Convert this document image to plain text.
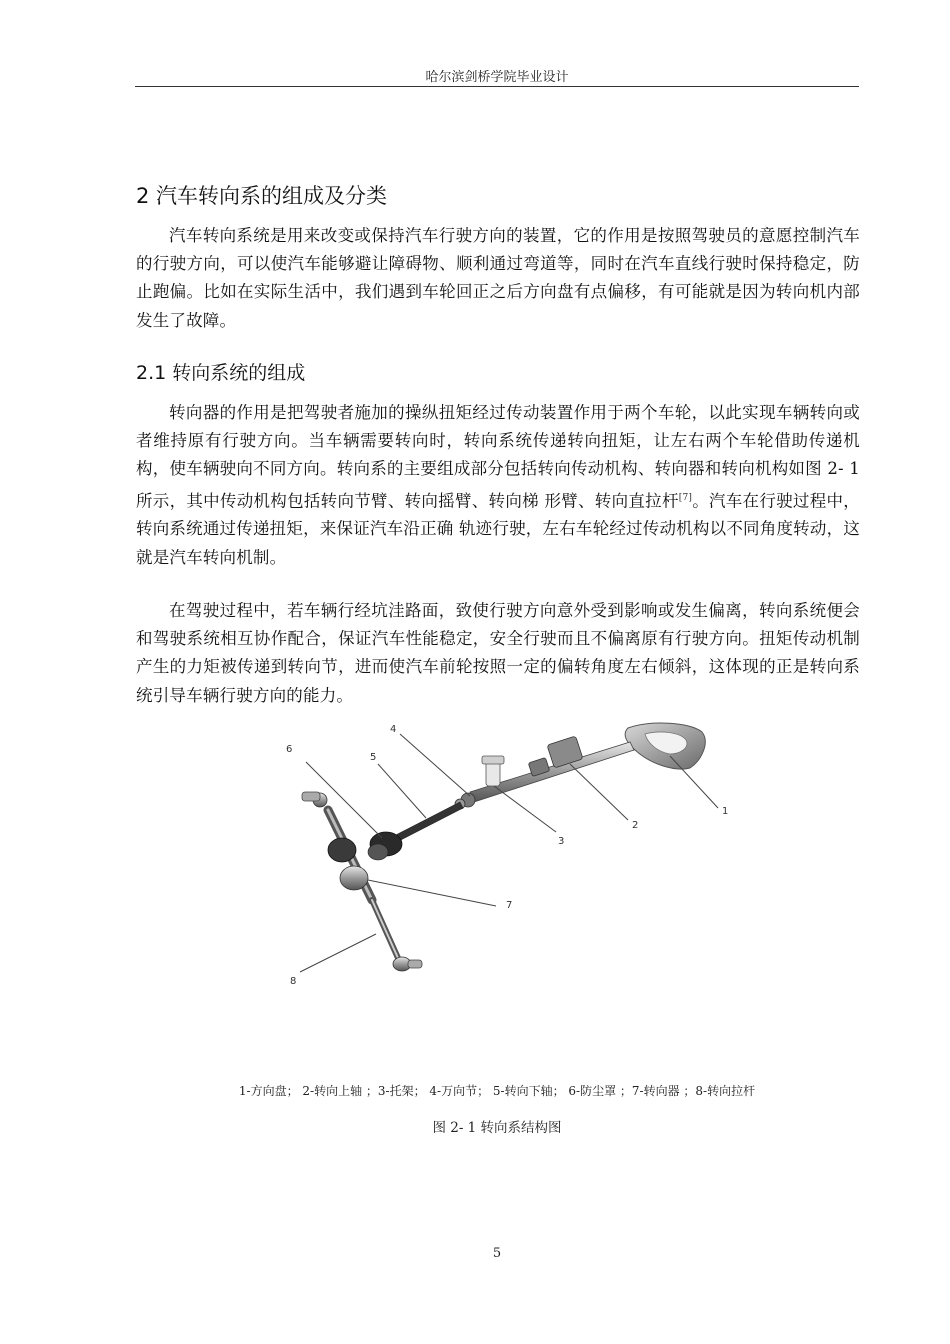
哈尔滨剑桥学院毕业设计
2 汽车转向系的组成及分类

汽车转向系统是用来改变或保持汽车行驶方向的装置，它的作用是按照驾驶员的意愿控制汽车的行驶方向，可以使汽车能够避让障碍物、顺利通过弯道等，同时在汽车直线行驶时保持稳定，防止跑偏。比如在实际生活中，我们遇到车轮回正之后方向盘有点偏移，有可能就是因为转向机内部发生了故障。

2.1 转向系统的组成

转向器的作用是把驾驶者施加的操纵扭矩经过传动装置作用于两个车轮，以此实现车辆转向或者维持原有行驶方向。当车辆需要转向时，转向系统传递转向扭矩，让左右两个车轮借助传递机构，使车辆驶向不同方向。转向系的主要组成部分包括转向传动机构、转向器和转向机构如图 2- 1所示，其中传动机构包括转向节臂、转向摇臂、转向梯 形臂、转向直拉杆[7]。汽车在行驶过程中，转向系统通过传递扭矩，来保证汽车沿正确 轨迹行驶，左右车轮经过传动机构以不同角度转动，这就是汽车转向机制。

在驾驶过程中，若车辆行经坑洼路面，致使行驶方向意外受到影响或发生偏离，转向系统便会和驾驶系统相互协作配合，保证汽车性能稳定，安全行驶而且不偏离原有行驶方向。扭矩传动机制产生的力矩被传递到转向节，进而使汽车前轮按照一定的偏转角度左右倾斜，这体现的正是转向系统引导车辆行驶方向的能力。

1
2
3
4
5
6
7
8
1-方向盘； 2-转向上轴 ；3-托架； 4-万向节； 5-转向下轴； 6-防尘罩 ；7-转向器 ；8-转向拉杆
图 2- 1 转向系结构图
5
